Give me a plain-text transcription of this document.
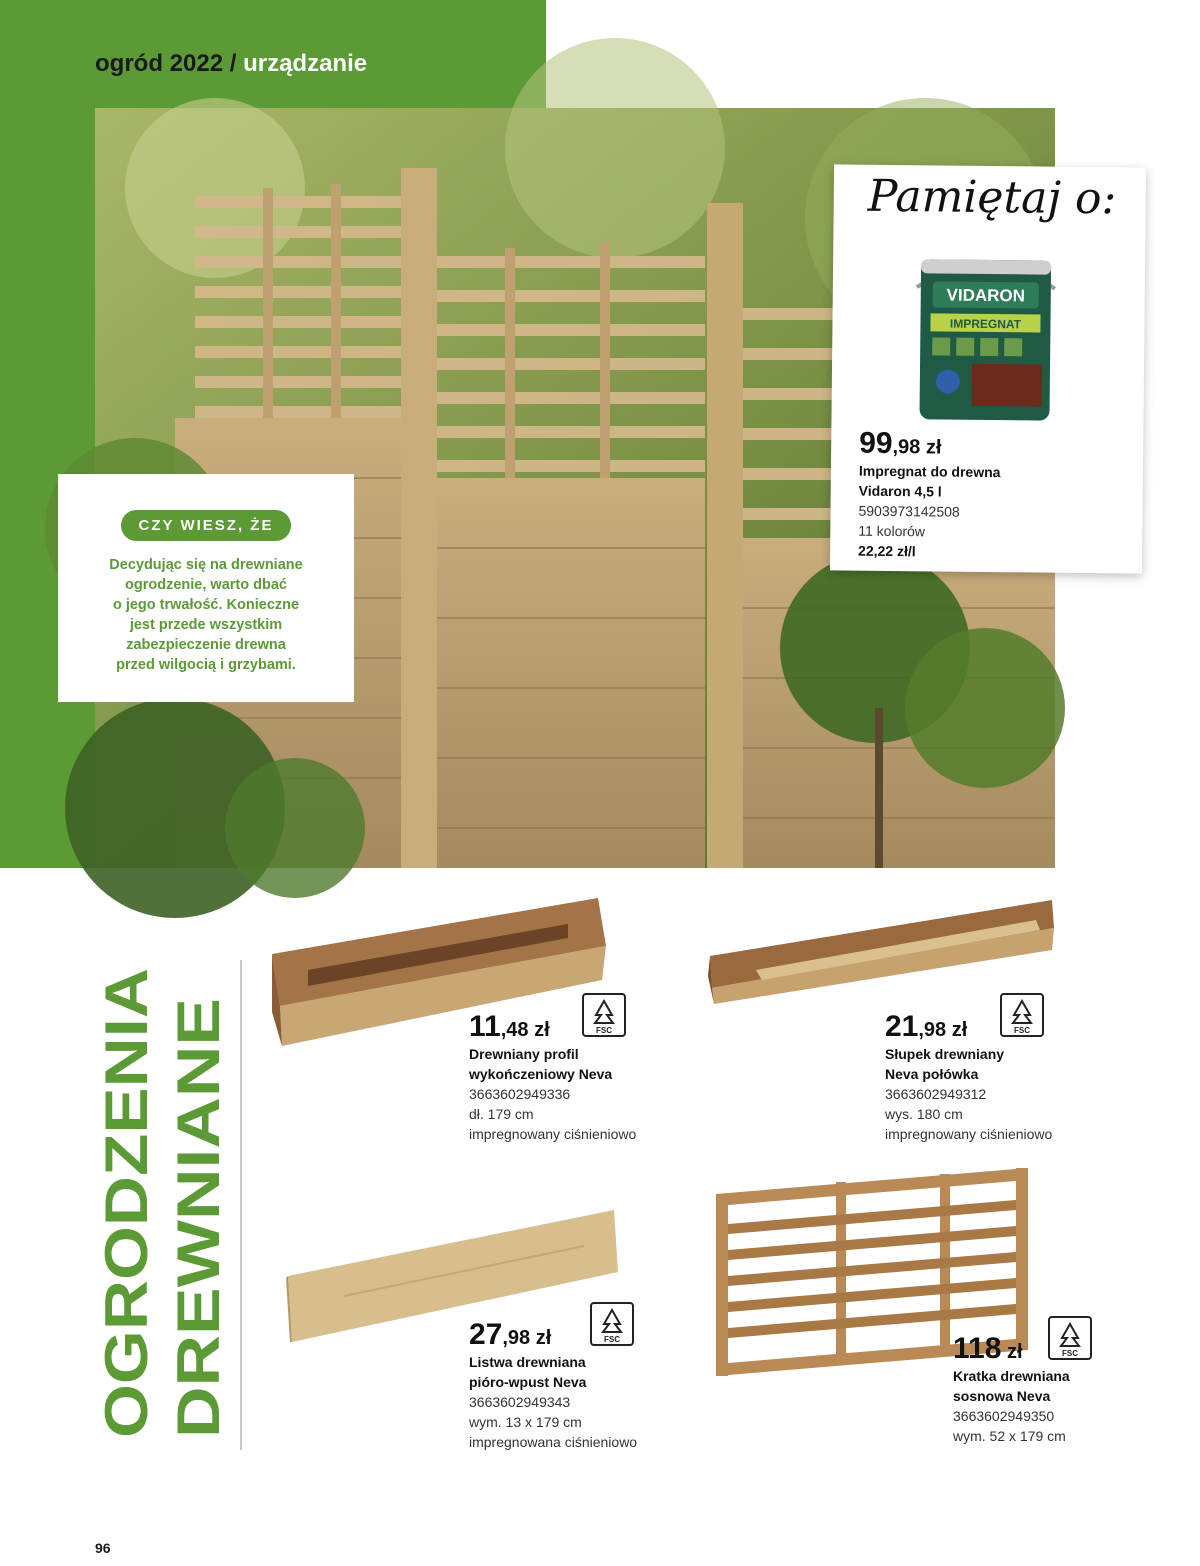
ogród 2022 / urządzanie
CZY WIESZ, ŻE
Decydując się na drewniane
ogrodzenie, warto dbać
o jego trwałość. Konieczne
jest przede wszystkim
zabezpieczenie drewna
przed wilgocią i grzybami.
Pamiętaj o:
VIDARON
IMPREGNAT
99,98 zł
Impregnat do drewna
Vidaron 4,5 l
5903973142508
11 kolorów
22,22 zł/l
OGRODZENIA DREWNIANE
FSC
11,48 zł
Drewniany profil
wykończeniowy Neva
3663602949336
dł. 179 cm
impregnowany ciśnieniowo
FSC
21,98 zł
Słupek drewniany
Neva połówka
3663602949312
wys. 180 cm
impregnowany ciśnieniowo
FSC
27,98 zł
Listwa drewniana
pióro-wpust Neva
3663602949343
wym. 13 x 179 cm
impregnowana ciśnieniowo
FSC
118 zł
Kratka drewniana
sosnowa Neva
3663602949350
wym. 52 x 179 cm
96
